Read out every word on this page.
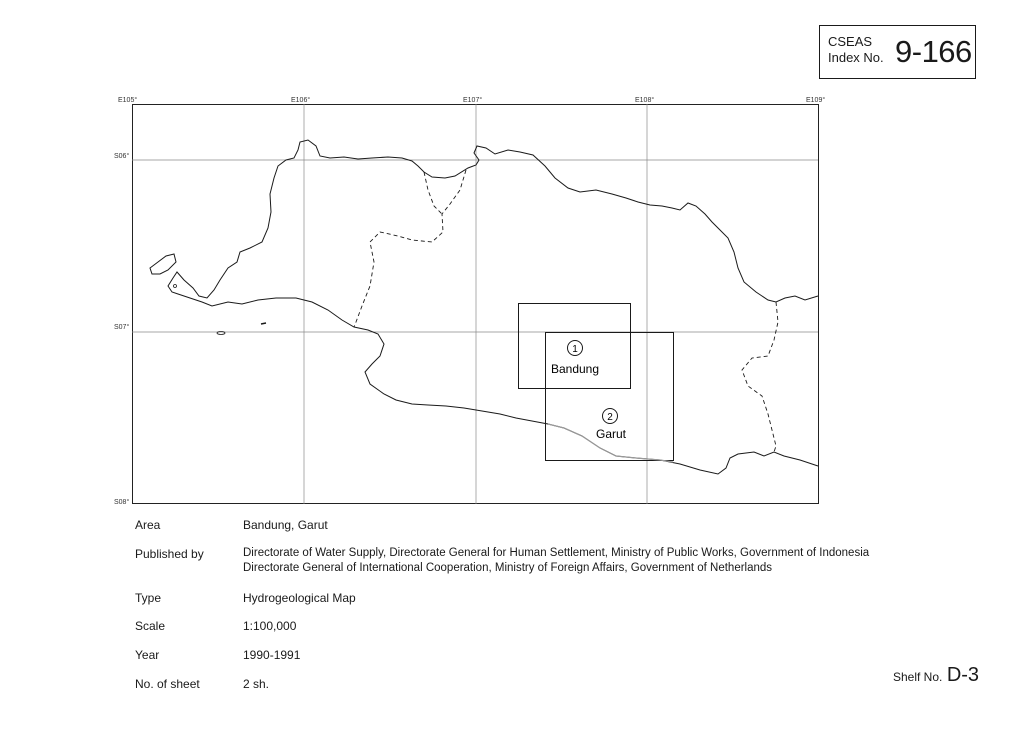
CSEAS
Index No. 9-166
E105°	E106°	E107°	E108°	E109°
S06°
S07°
S08°
1
Bandung
2
Garut
Area	Bandung, Garut
Published by	Directorate of Water Supply, Directorate General for Human Settlement, Ministry of Public Works, Government of Indonesia
Directorate General of International Cooperation, Ministry of Foreign Affairs, Government of Netherlands
Type	Hydrogeological Map
Scale	1:100,000
Year	1990-1991
No. of sheet	2 sh.	Shelf No. D-3
